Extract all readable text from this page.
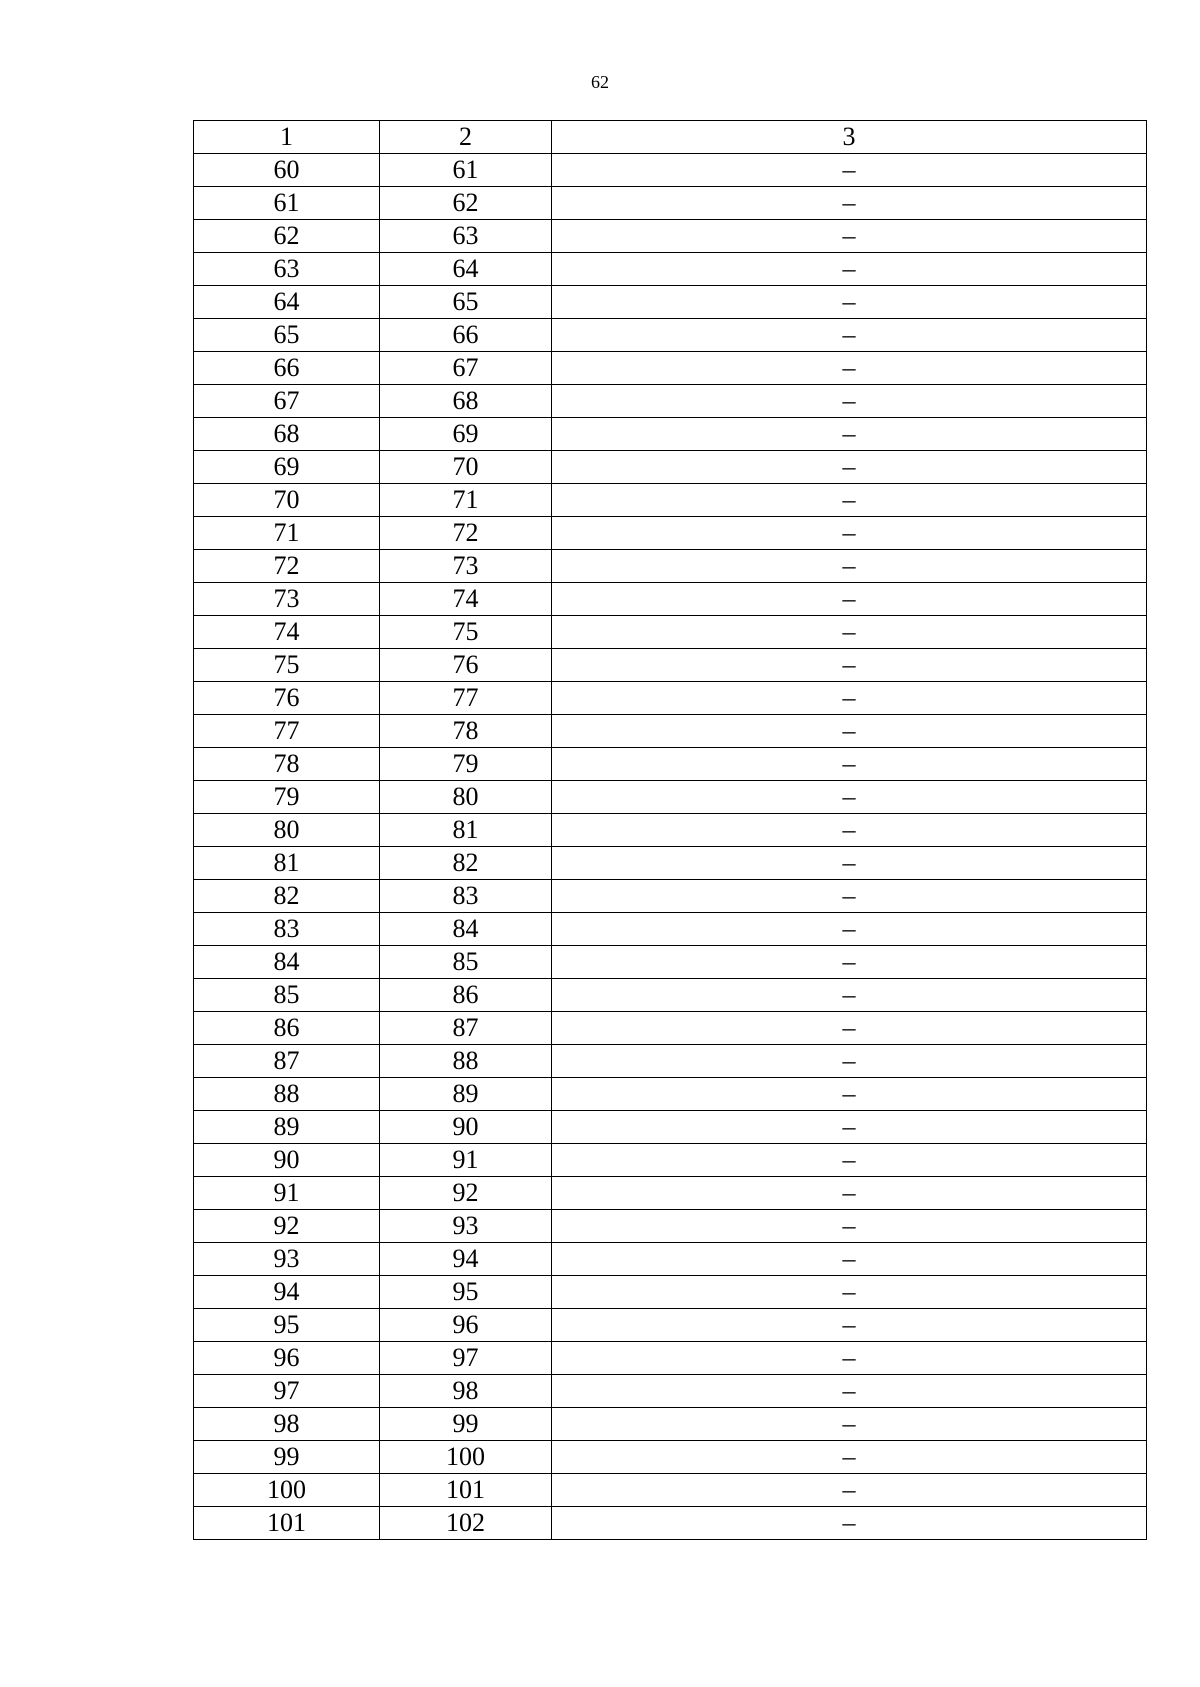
62
1	2	3
60	61	–
61	62	–
62	63	–
63	64	–
64	65	–
65	66	–
66	67	–
67	68	–
68	69	–
69	70	–
70	71	–
71	72	–
72	73	–
73	74	–
74	75	–
75	76	–
76	77	–
77	78	–
78	79	–
79	80	–
80	81	–
81	82	–
82	83	–
83	84	–
84	85	–
85	86	–
86	87	–
87	88	–
88	89	–
89	90	–
90	91	–
91	92	–
92	93	–
93	94	–
94	95	–
95	96	–
96	97	–
97	98	–
98	99	–
99	100	–
100	101	–
101	102	–
